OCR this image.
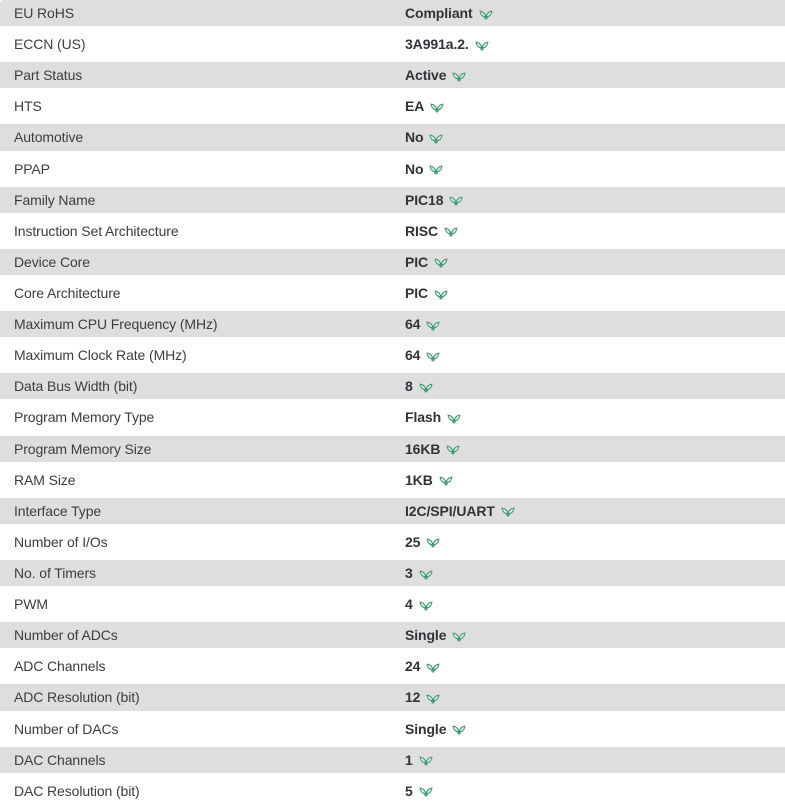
EU RoHS	Compliant
ECCN (US)	3A991a.2.
Part Status	Active
HTS	EA
Automotive	No
PPAP	No
Family Name	PIC18
Instruction Set Architecture	RISC
Device Core	PIC
Core Architecture	PIC
Maximum CPU Frequency (MHz)	64
Maximum Clock Rate (MHz)	64
Data Bus Width (bit)	8
Program Memory Type	Flash
Program Memory Size	16KB
RAM Size	1KB
Interface Type	I2C/SPI/UART
Number of I/Os	25
No. of Timers	3
PWM	4
Number of ADCs	Single
ADC Channels	24
ADC Resolution (bit)	12
Number of DACs	Single
DAC Channels	1
DAC Resolution (bit)	5
